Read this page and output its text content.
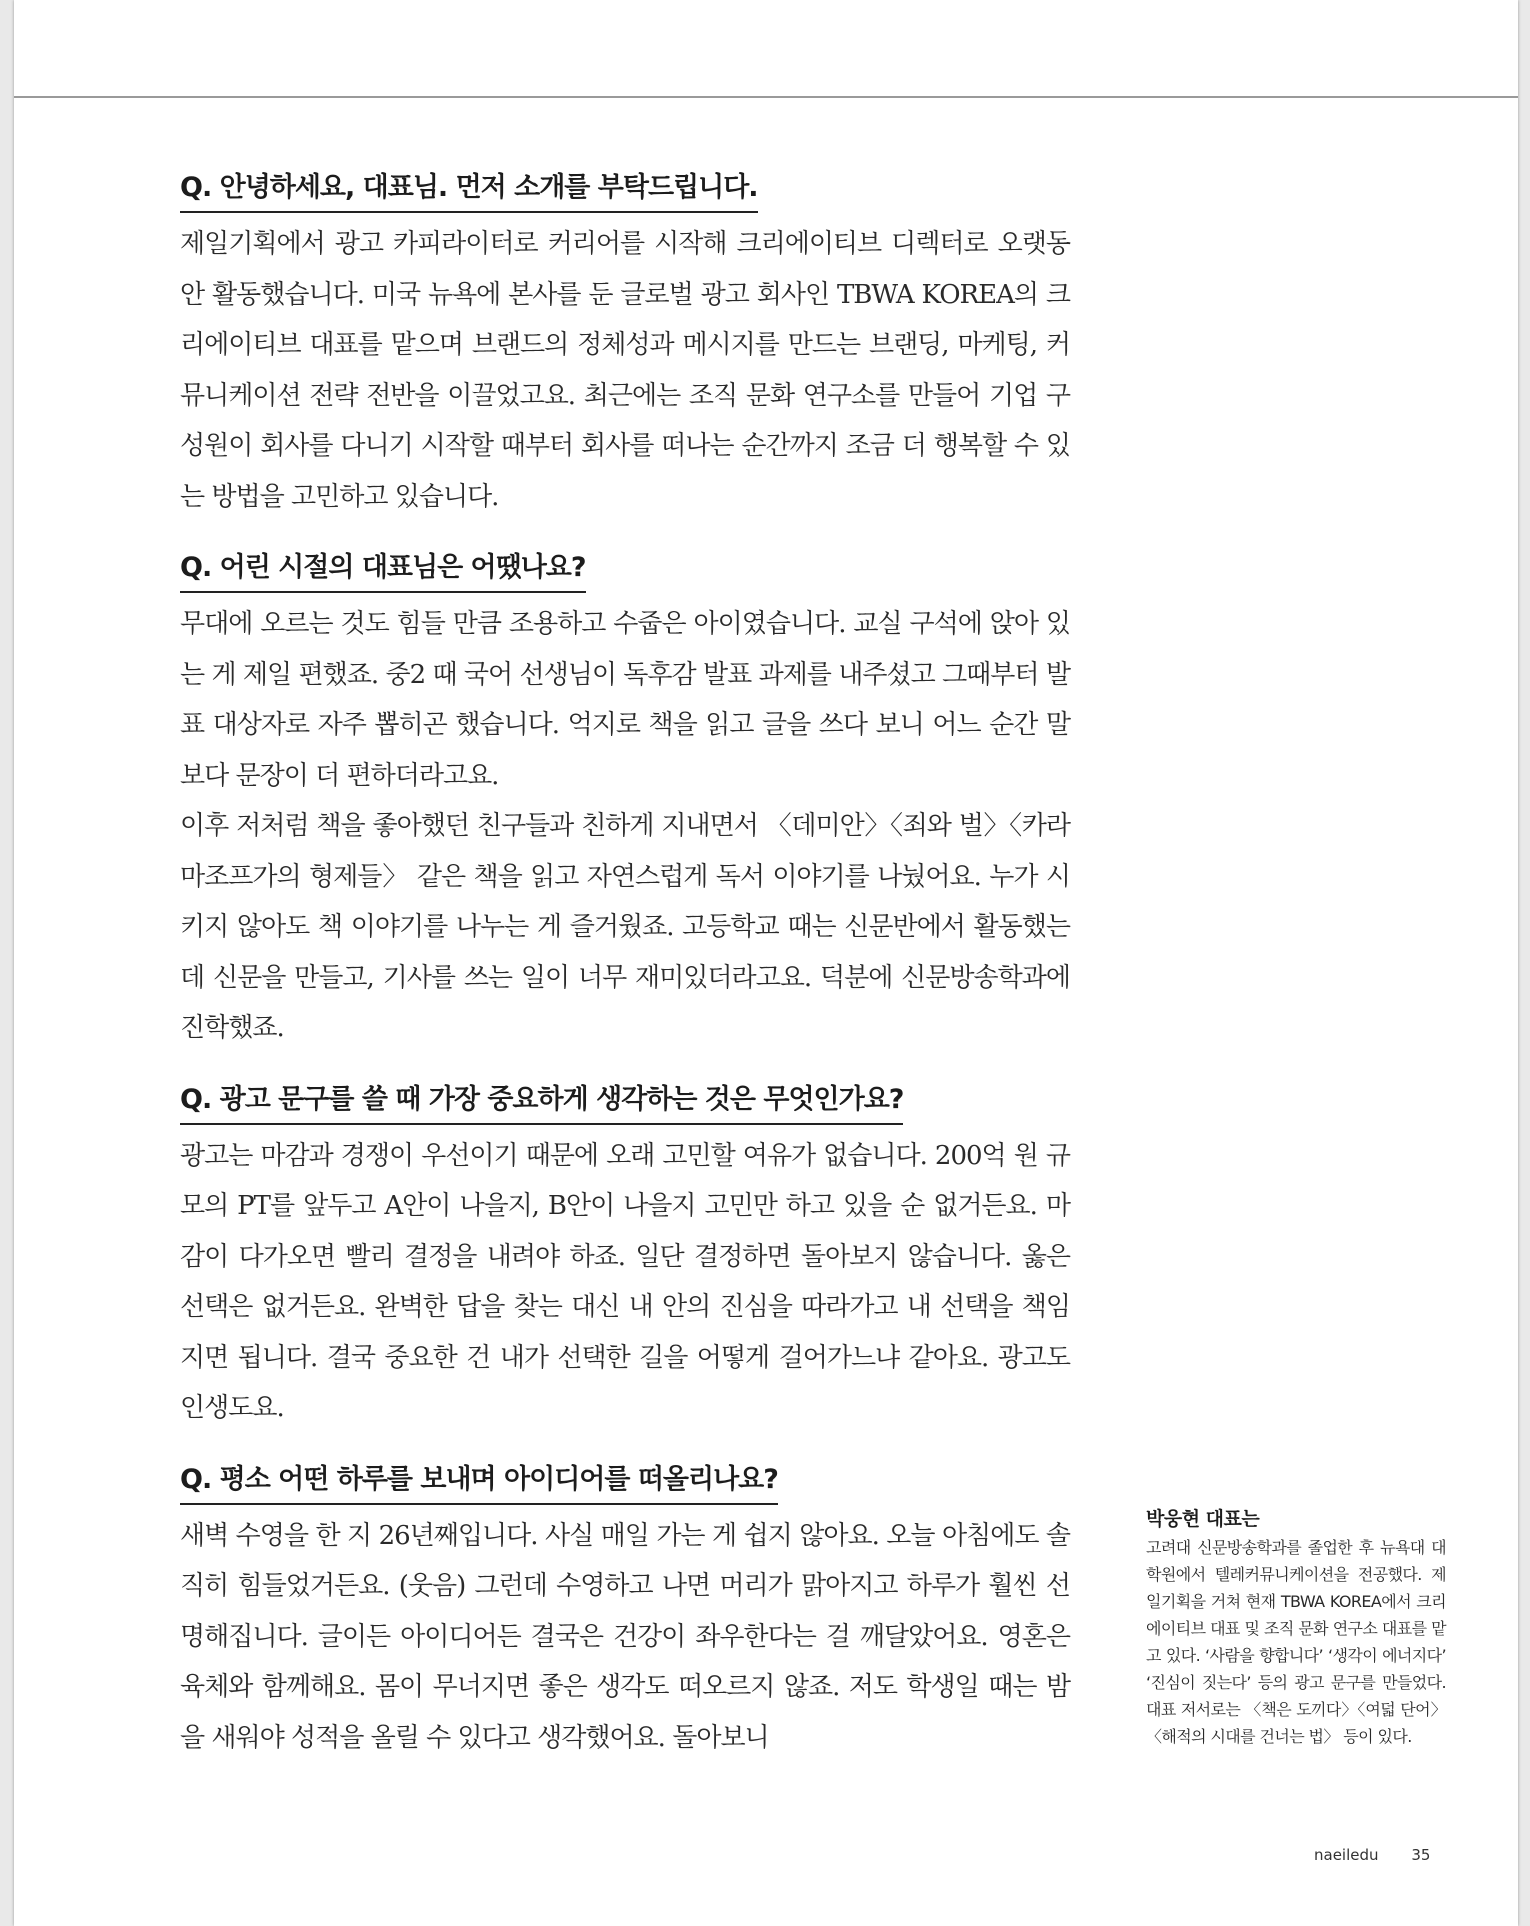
Q. 안녕하세요, 대표님. 먼저 소개를 부탁드립니다.

제일기획에서 광고 카피라이터로 커리어를 시작해 크리에이티브 디렉터로 오랫동안 활동했습니다. 미국 뉴욕에 본사를 둔 글로벌 광고 회사인 TBWA KOREA의 크리에이티브 대표를 맡으며 브랜드의 정체성과 메시지를 만드는 브랜딩, 마케팅, 커뮤니케이션 전략 전반을 이끌었고요. 최근에는 조직 문화 연구소를 만들어 기업 구성원이 회사를 다니기 시작할 때부터 회사를 떠나는 순간까지 조금 더 행복할 수 있는 방법을 고민하고 있습니다.

Q. 어린 시절의 대표님은 어땠나요?

무대에 오르는 것도 힘들 만큼 조용하고 수줍은 아이였습니다. 교실 구석에 앉아 있는 게 제일 편했죠. 중2 때 국어 선생님이 독후감 발표 과제를 내주셨고 그때부터 발표 대상자로 자주 뽑히곤 했습니다. 억지로 책을 읽고 글을 쓰다 보니 어느 순간 말보다 문장이 더 편하더라고요.

이후 저처럼 책을 좋아했던 친구들과 친하게 지내면서 〈데미안〉〈죄와 벌〉〈카라마조프가의 형제들〉 같은 책을 읽고 자연스럽게 독서 이야기를 나눴어요. 누가 시키지 않아도 책 이야기를 나누는 게 즐거웠죠. 고등학교 때는 신문반에서 활동했는데 신문을 만들고, 기사를 쓰는 일이 너무 재미있더라고요. 덕분에 신문방송학과에 진학했죠.

Q. 광고 문구를 쓸 때 가장 중요하게 생각하는 것은 무엇인가요?

광고는 마감과 경쟁이 우선이기 때문에 오래 고민할 여유가 없습니다. 200억 원 규모의 PT를 앞두고 A안이 나을지, B안이 나을지 고민만 하고 있을 순 없거든요. 마감이 다가오면 빨리 결정을 내려야 하죠. 일단 결정하면 돌아보지 않습니다. 옳은 선택은 없거든요. 완벽한 답을 찾는 대신 내 안의 진심을 따라가고 내 선택을 책임지면 됩니다. 결국 중요한 건 내가 선택한 길을 어떻게 걸어가느냐 같아요. 광고도 인생도요.

Q. 평소 어떤 하루를 보내며 아이디어를 떠올리나요?

새벽 수영을 한 지 26년째입니다. 사실 매일 가는 게 쉽지 않아요. 오늘 아침에도 솔직히 힘들었거든요. (웃음) 그런데 수영하고 나면 머리가 맑아지고 하루가 훨씬 선명해집니다. 글이든 아이디어든 결국은 건강이 좌우한다는 걸 깨달았어요. 영혼은 육체와 함께해요. 몸이 무너지면 좋은 생각도 떠오르지 않죠. 저도 학생일 때는 밤을 새워야 성적을 올릴 수 있다고 생각했어요. 돌아보니

박웅현 대표는

고려대 신문방송학과를 졸업한 후 뉴욕대 대학원에서 텔레커뮤니케이션을 전공했다. 제일기획을 거쳐 현재 TBWA KOREA에서 크리에이티브 대표 및 조직 문화 연구소 대표를 맡고 있다. ‘사람을 향합니다’ ‘생각이 에너지다’ ‘진심이 짓는다’ 등의 광고 문구를 만들었다. 대표 저서로는 〈책은 도끼다〉〈여덟 단어〉〈해적의 시대를 건너는 법〉 등이 있다.

naeiledu 35
